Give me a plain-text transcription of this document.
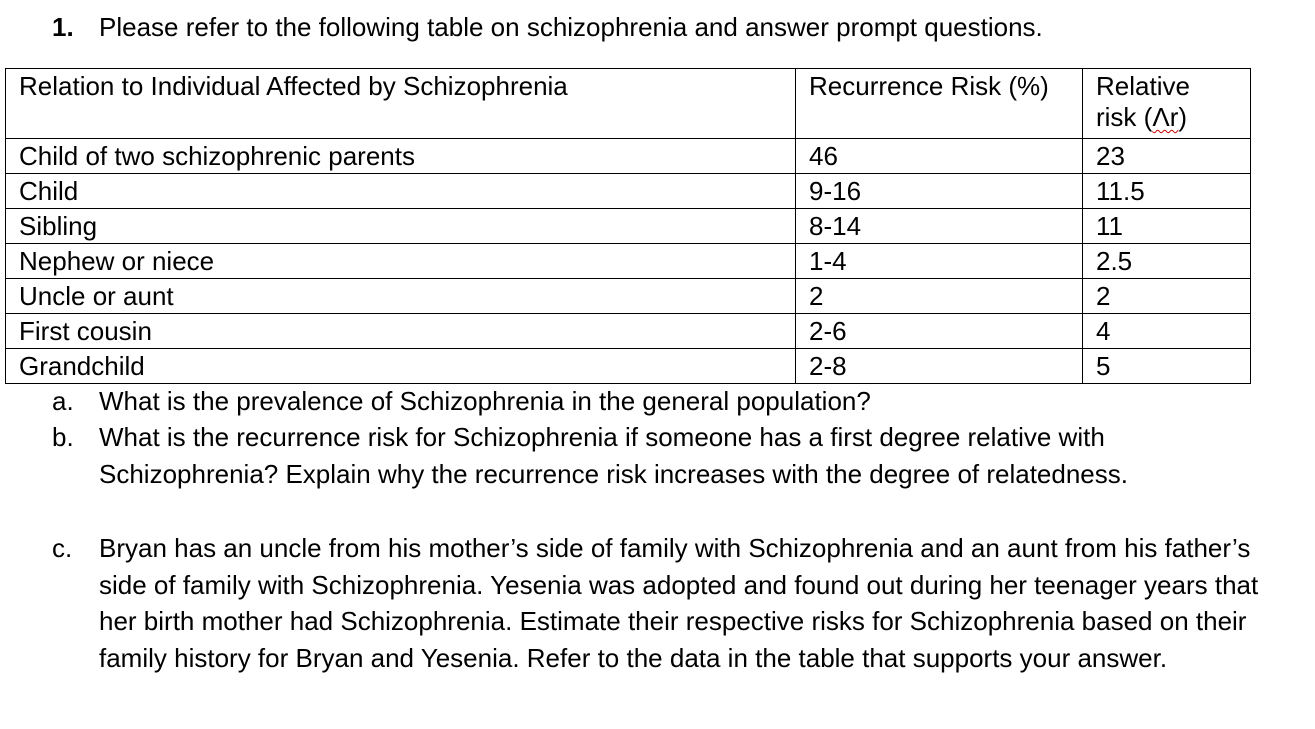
1. Please refer to the following table on schizophrenia and answer prompt questions.
Relation to Individual Affected by Schizophrenia	Recurrence Risk (%)	Relative risk (Λr)
Child of two schizophrenic parents	46	23
Child	9-16	11.5
Sibling	8-14	11
Nephew or niece	1-4	2.5
Uncle or aunt	2	2
First cousin	2-6	4
Grandchild	2-8	5
a. What is the prevalence of Schizophrenia in the general population?
b. What is the recurrence risk for Schizophrenia if someone has a first degree relative with Schizophrenia? Explain why the recurrence risk increases with the degree of relatedness.
c. Bryan has an uncle from his mother’s side of family with Schizophrenia and an aunt from his father’s side of family with Schizophrenia. Yesenia was adopted and found out during her teenager years that her birth mother had Schizophrenia. Estimate their respective risks for Schizophrenia based on their family history for Bryan and Yesenia. Refer to the data in the table that supports your answer.
